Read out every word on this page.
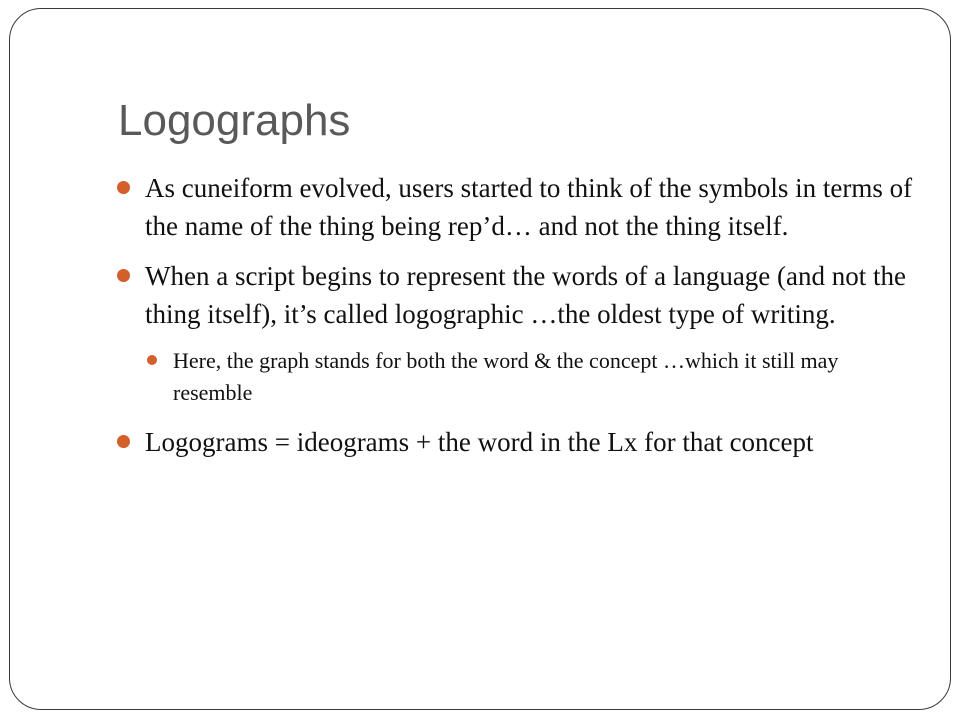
Logographs
As cuneiform evolved, users started to think of the symbols in terms of the name of the thing being rep’d… and not the thing itself.
When a script begins to represent the words of a language (and not the thing itself), it’s called logographic …the oldest type of writing.
Here, the graph stands for both the word & the concept …which it still may resemble
Logograms = ideograms + the word in the Lx for that concept
